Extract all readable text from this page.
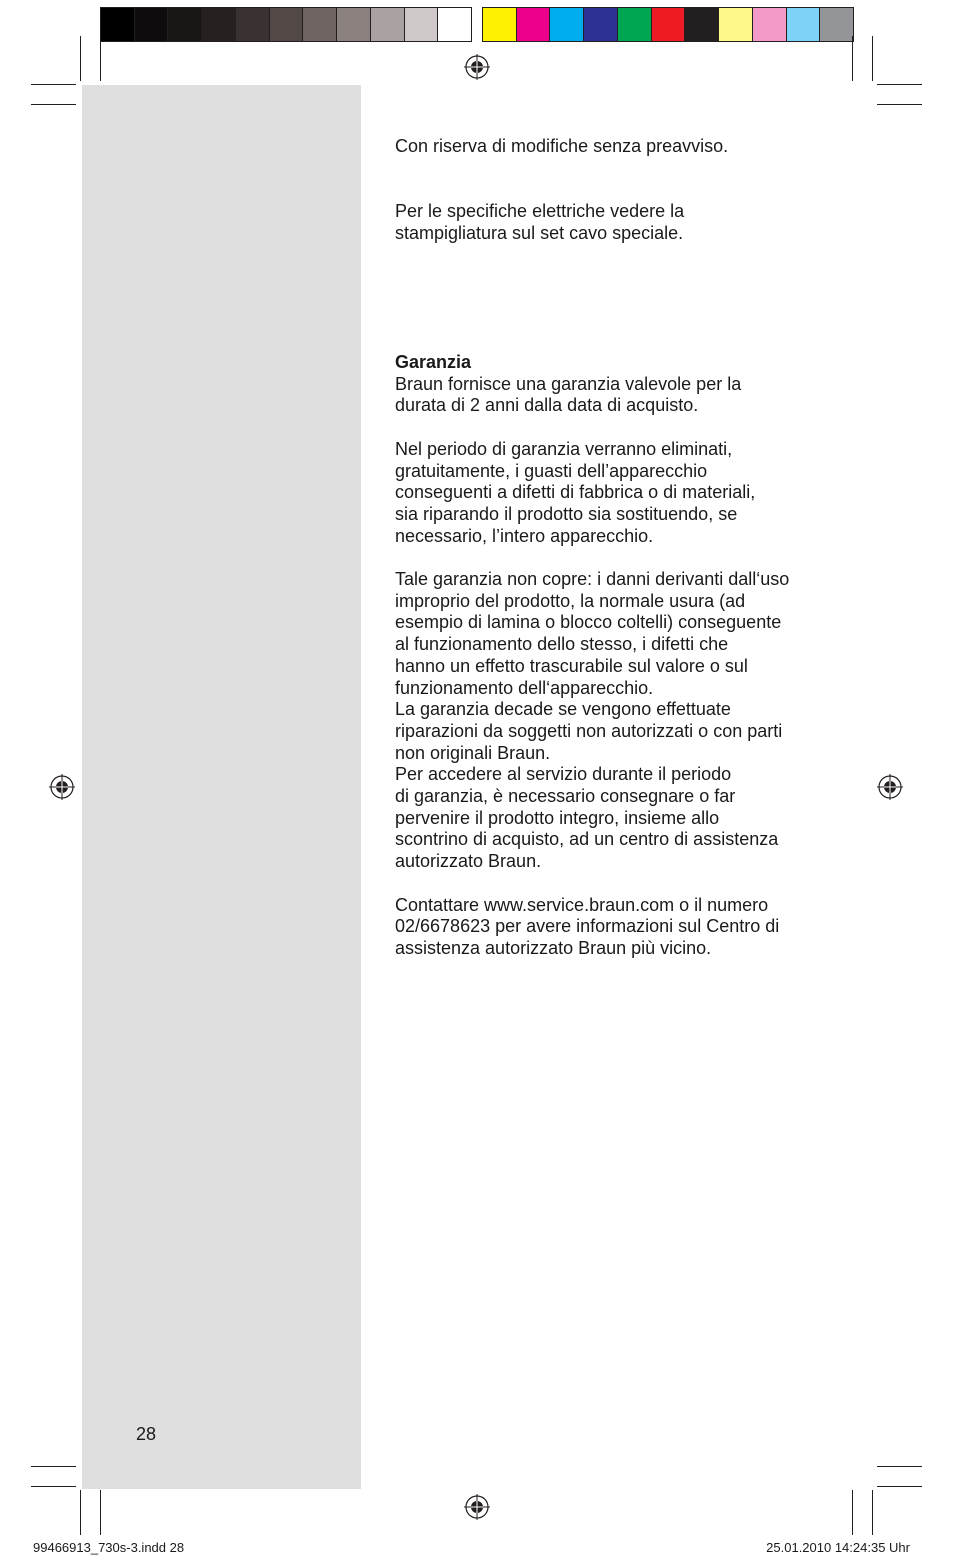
Con riserva di modifiche senza preavviso.

Per le specifiche elettriche vedere la
stampigliatura sul set cavo speciale.

Garanzia

Braun fornisce una garanzia valevole per la
durata di 2 anni dalla data di acquisto.

Nel periodo di garanzia verranno eliminati,
gratuitamente, i guasti dell’apparecchio
conseguenti a difetti di fabbrica o di materiali,
sia riparando il prodotto sia sostituendo, se
necessario, l’intero apparecchio.

Tale garanzia non copre: i danni derivanti dall‘uso
improprio del prodotto, la normale usura (ad
esempio di lamina o blocco coltelli) conseguente
al funzionamento dello stesso, i difetti che
hanno un effetto trascurabile sul valore o sul
funzionamento dell‘apparecchio.

La garanzia decade se vengono effettuate
riparazioni da soggetti non autorizzati o con parti
non originali Braun.

Per accedere al servizio durante il periodo
di garanzia, è necessario consegnare o far
pervenire il prodotto integro, insieme allo
scontrino di acquisto, ad un centro di assistenza
autorizzato Braun.

Contattare www.service.braun.com o il numero
02/6678623 per avere informazioni sul Centro di
assistenza autorizzato Braun più vicino.

28
99466913_730s-3.indd 28	25.01.2010 14:24:35 Uhr
